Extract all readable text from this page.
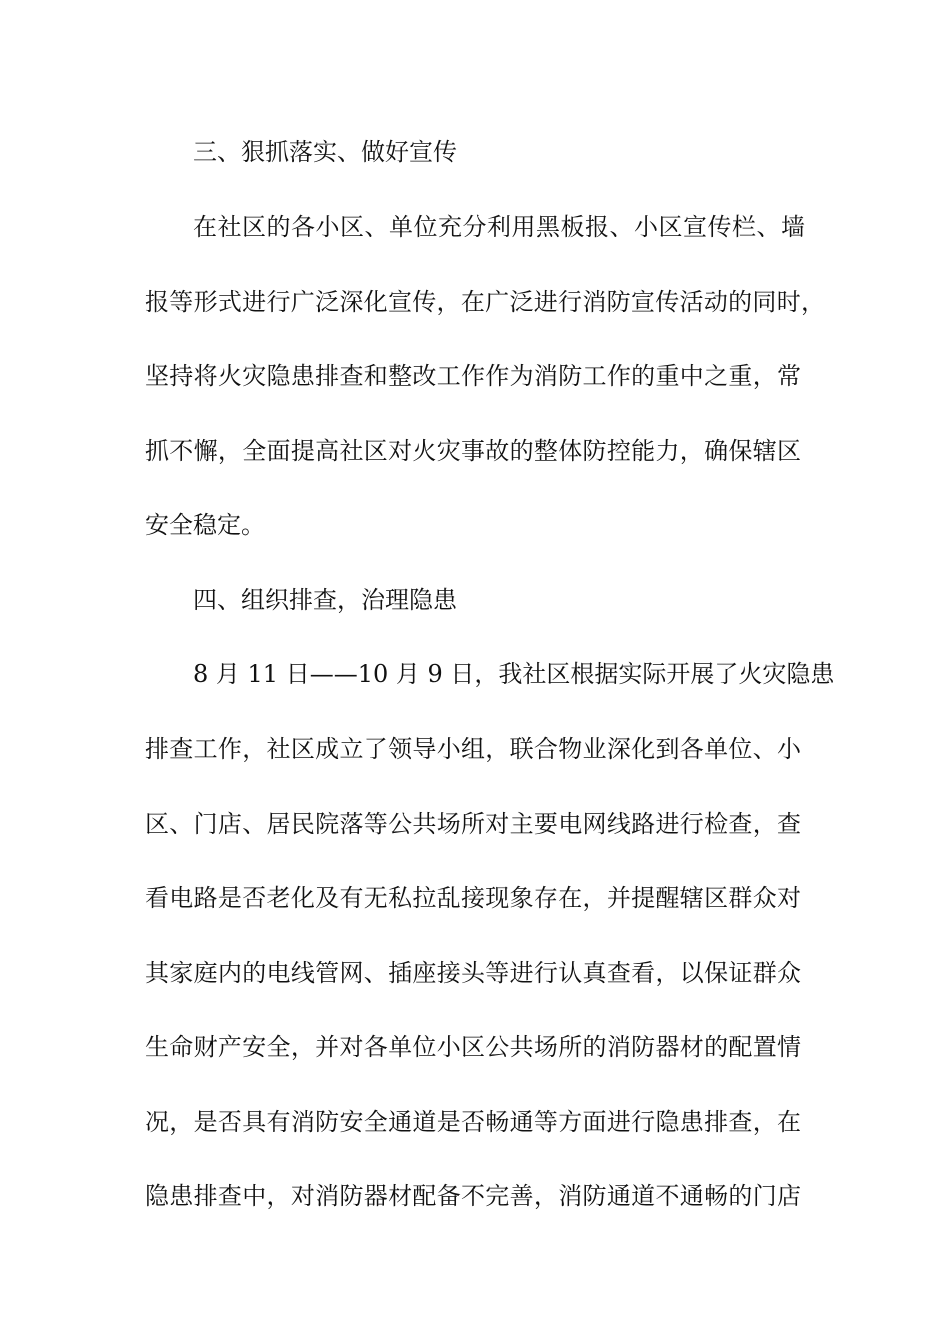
三、狠抓落实、做好宣传

在社区的各小区、单位充分利用黑板报、小区宣传栏、墙

报等形式进行广泛深化宣传，在广泛进行消防宣传活动的同时，

坚持将火灾隐患排查和整改工作作为消防工作的重中之重，常

抓不懈，全面提高社区对火灾事故的整体防控能力，确保辖区

安全稳定。

四、组织排查，治理隐患

8 月 11 日——10 月 9 日，我社区根据实际开展了火灾隐患

排查工作，社区成立了领导小组，联合物业深化到各单位、小

区、门店、居民院落等公共场所对主要电网线路进行检查，查

看电路是否老化及有无私拉乱接现象存在，并提醒辖区群众对

其家庭内的电线管网、插座接头等进行认真查看，以保证群众

生命财产安全，并对各单位小区公共场所的消防器材的配置情

况，是否具有消防安全通道是否畅通等方面进行隐患排查，在

隐患排查中，对消防器材配备不完善，消防通道不通畅的门店
